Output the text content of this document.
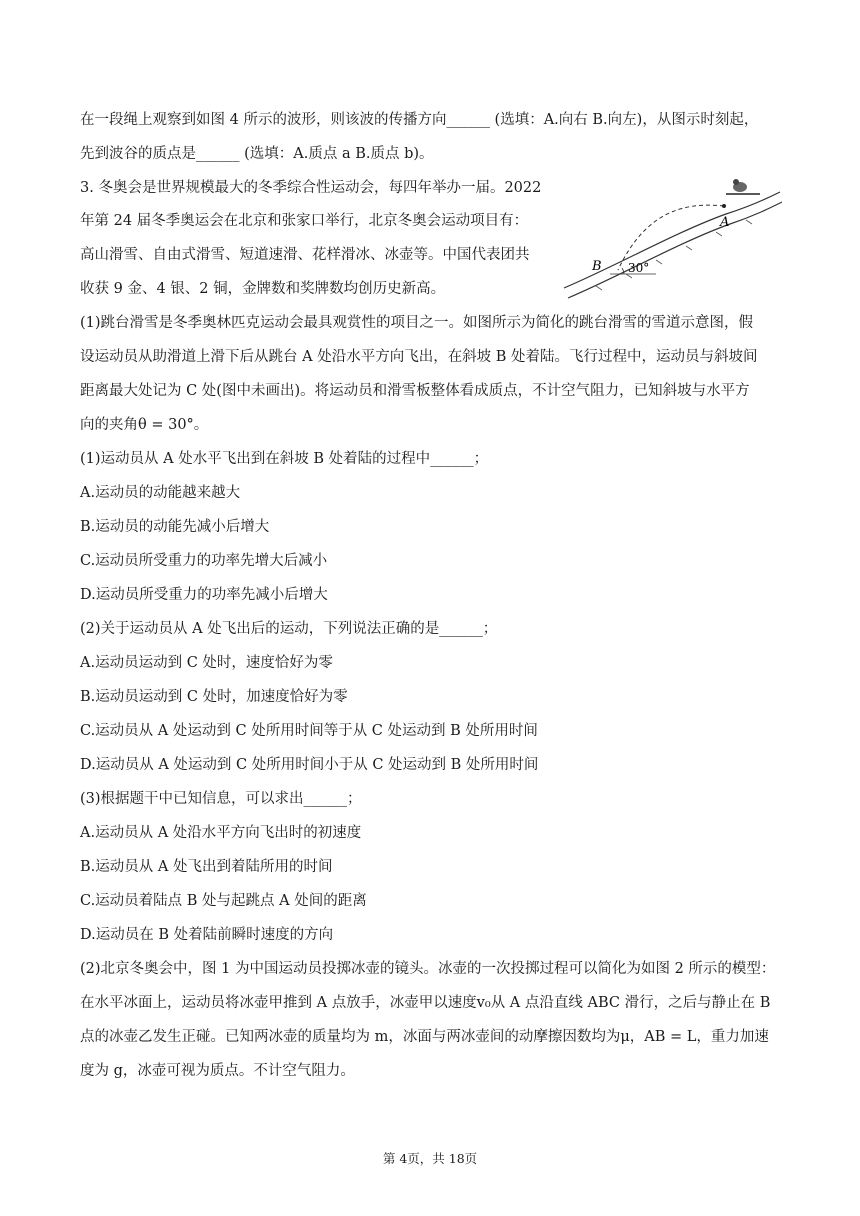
在一段绳上观察到如图 4 所示的波形，则该波的传播方向______ (选填：A.向右 B.向左)，从图示时刻起，
先到波谷的质点是______ (选填：A.质点 a B.质点 b)。
3. 冬奥会是世界规模最大的冬季综合性运动会，每四年举办一届。2022
年第 24 届冬季奥运会在北京和张家口举行，北京冬奥会运动项目有：
高山滑雪、自由式滑雪、短道速滑、花样滑冰、冰壶等。中国代表团共
收获 9 金、4 银、2 铜，金牌数和奖牌数均创历史新高。
A
B 30°
(1)跳台滑雪是冬季奥林匹克运动会最具观赏性的项目之一。如图所示为简化的跳台滑雪的雪道示意图，假
设运动员从助滑道上滑下后从跳台 A 处沿水平方向飞出，在斜坡 B 处着陆。飞行过程中，运动员与斜坡间
距离最大处记为 C 处(图中未画出)。将运动员和滑雪板整体看成质点，不计空气阻力，已知斜坡与水平方
向的夹角θ = 30°。
(1)运动员从 A 处水平飞出到在斜坡 B 处着陆的过程中______；
A.运动员的动能越来越大
B.运动员的动能先减小后增大
C.运动员所受重力的功率先增大后减小
D.运动员所受重力的功率先减小后增大
(2)关于运动员从 A 处飞出后的运动，下列说法正确的是______；
A.运动员运动到 C 处时，速度恰好为零
B.运动员运动到 C 处时，加速度恰好为零
C.运动员从 A 处运动到 C 处所用时间等于从 C 处运动到 B 处所用时间
D.运动员从 A 处运动到 C 处所用时间小于从 C 处运动到 B 处所用时间
(3)根据题干中已知信息，可以求出______；
A.运动员从 A 处沿水平方向飞出时的初速度
B.运动员从 A 处飞出到着陆所用的时间
C.运动员着陆点 B 处与起跳点 A 处间的距离
D.运动员在 B 处着陆前瞬时速度的方向
(2)北京冬奥会中，图 1 为中国运动员投掷冰壶的镜头。冰壶的一次投掷过程可以简化为如图 2 所示的模型：
在水平冰面上，运动员将冰壶甲推到 A 点放手，冰壶甲以速度v₀从 A 点沿直线 ABC 滑行，之后与静止在 B
点的冰壶乙发生正碰。已知两冰壶的质量均为 m，冰面与两冰壶间的动摩擦因数均为μ，AB = L，重力加速
度为 g，冰壶可视为质点。不计空气阻力。
第 4页，共 18页
